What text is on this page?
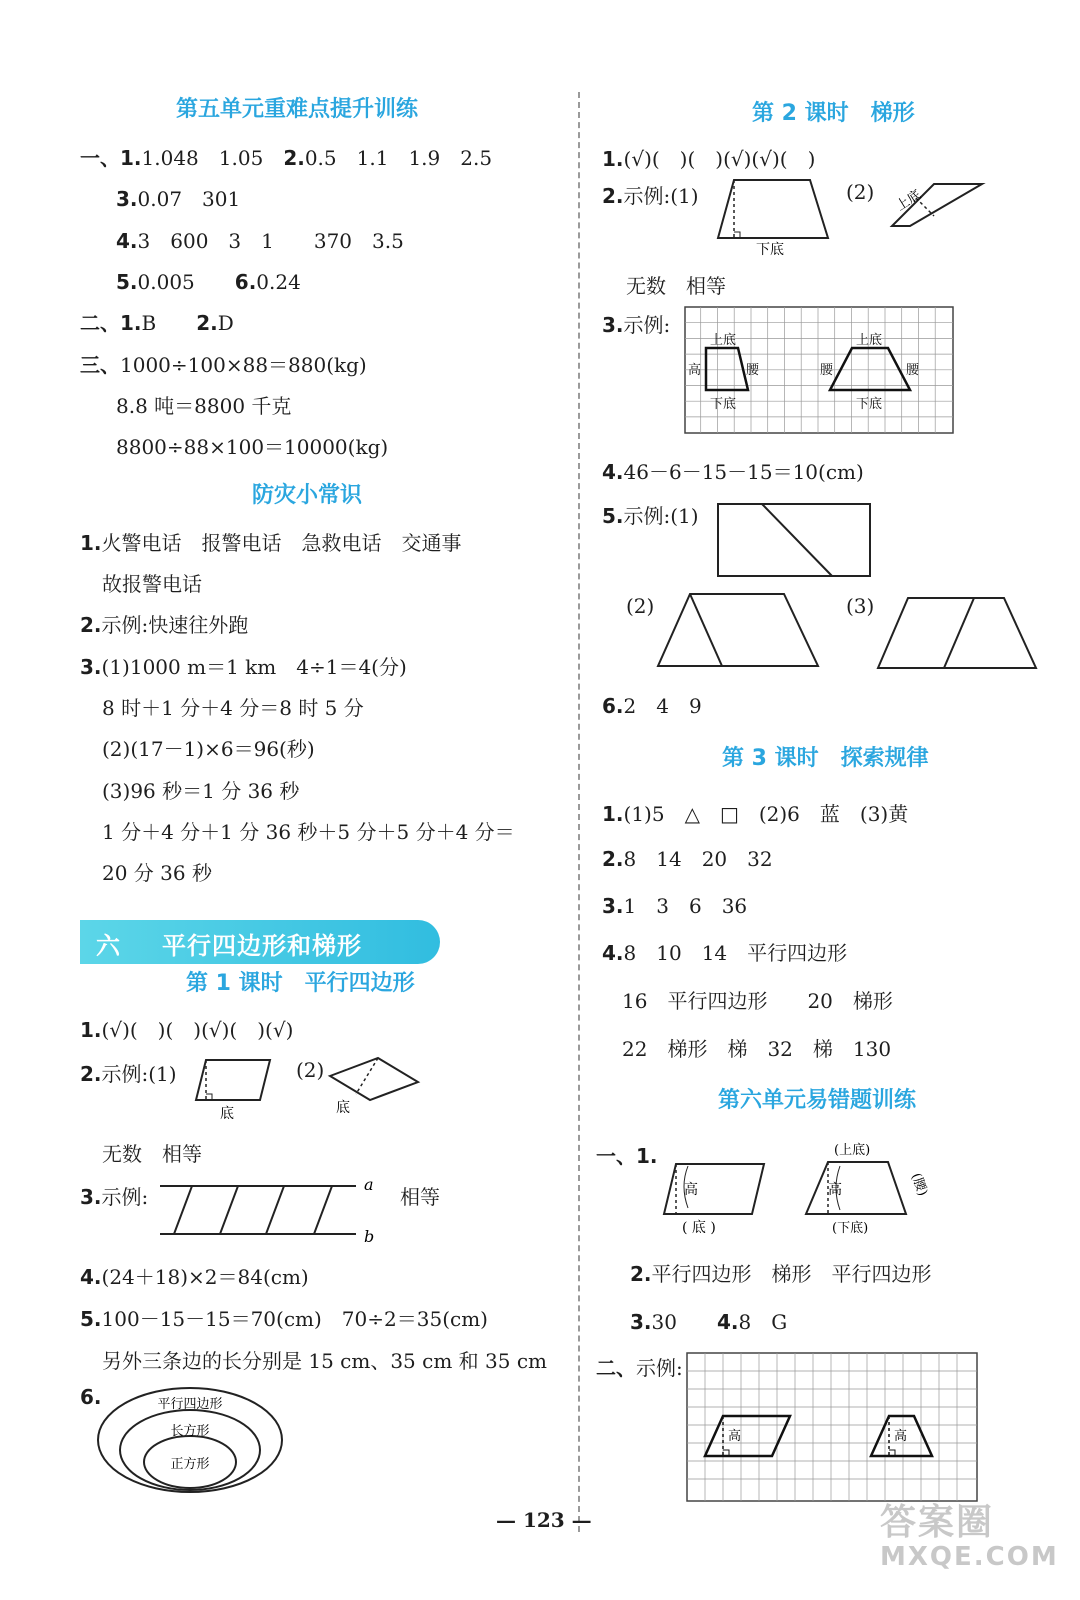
第五单元重难点提升训练
一、1.1.048　1.05　 2.0.5　1.1　1.9　2.5
3.0.07　301
4.3　600　3　1　　370　3.5
5.0.005　　 6.0.24
二、1.B　　 2.D
三、1000÷100×88＝880(kg)
8.8 吨＝8800 千克
8800÷88×100＝10000(kg)
防灾小常识
1.火警电话　报警电话　急救电话　交通事
故报警电话
2.示例:快速往外跑
3.(1)1000 m＝1 km　4÷1＝4(分)
8 时＋1 分＋4 分＝8 时 5 分
(2)(17－1)×6＝96(秒)
(3)96 秒＝1 分 36 秒
1 分＋4 分＋1 分 36 秒＋5 分＋5 分＋4 分＝
20 分 36 秒
六 平行四边形和梯形
第 1 课时　平行四边形
1.(√)(　)(　)(√)(　)(√)
2.示例:(1)	(2)
底	底
无数　相等
3.示例:
a
b
相等
4.(24＋18)×2＝84(cm)
5.100－15－15＝70(cm)　70÷2＝35(cm)
另外三条边的长分别是 15 cm、35 cm 和 35 cm
6.	平行四边形
长方形
正方形
第 2 课时　梯形
1.(√)(　)(　)(√)(√)(　)
2.示例:(1)	(2)
下底
上底
无数　相等
3.示例:
上底
高	腰
下底
上底
腰	腰
下底
4.46－6－15－15＝10(cm)
5.示例:(1)
(2)	(3)
6.2　4　9
第 3 课时　探索规律
1.(1)5　△　□　(2)6　蓝　(3)黄
2.8　14　20　32
3.1　3　6　36
4.8　10　14　平行四边形
16　平行四边形　　20　梯形
22　梯形　梯　32　梯　130
第六单元易错题训练
一、1.
高
( 底 )
(上底)
高	(腰)
(下底)
2.平行四边形　梯形　平行四边形
3.30　　 4.8　G
二、示例:
高	高
— 123 —	答案圈
MXQE.COM
